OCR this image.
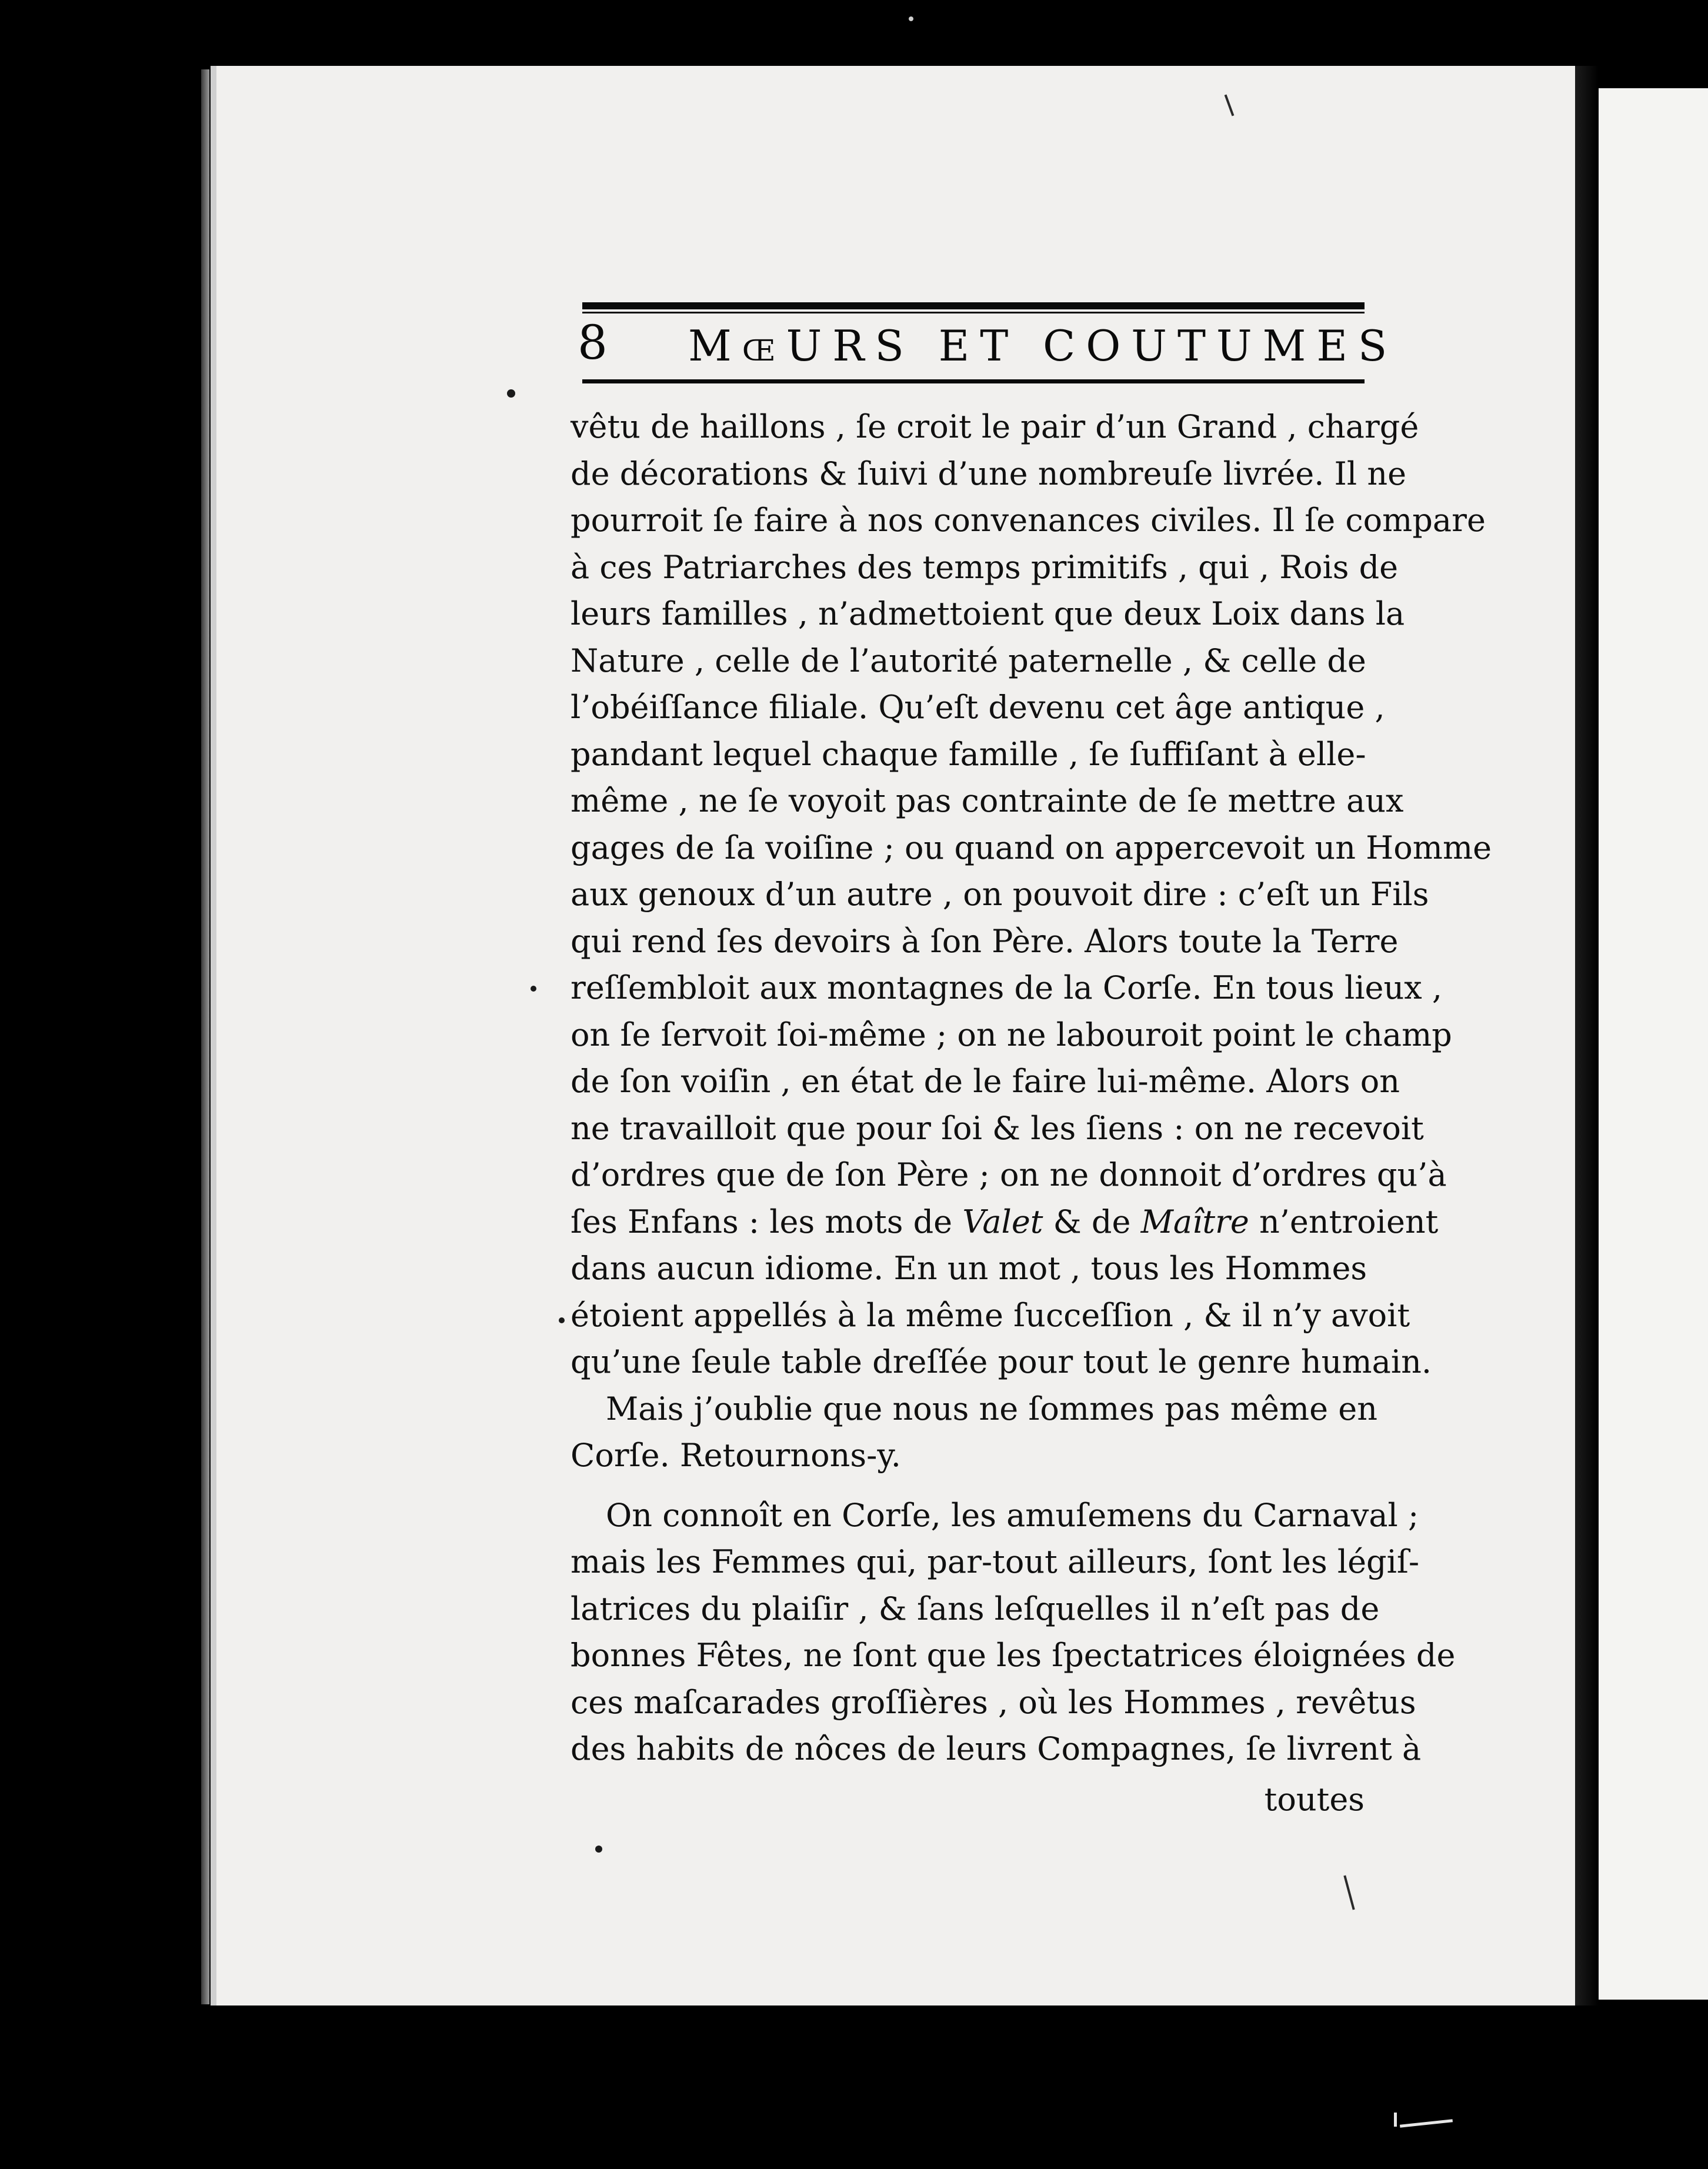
8 MœURS ET COUTUMES
vêtu de haillons , ſe croit le pair d’un Grand , chargé
de décorations & ſuivi d’une nombreuſe livrée. Il ne
pourroit ſe faire à nos convenances civiles. Il ſe compare
à ces Patriarches des temps primitifs , qui , Rois de
leurs familles , n’admettoient que deux Loix dans la
Nature , celle de l’autorité paternelle , & celle de
l’obéiſſance filiale. Qu’eſt devenu cet âge antique ,
pandant lequel chaque famille , ſe ſuffiſant à elle-
même , ne ſe voyoit pas contrainte de ſe mettre aux
gages de ſa voiſine ; ou quand on appercevoit un Homme
aux genoux d’un autre , on pouvoit dire : c’eſt un Fils
qui rend ſes devoirs à ſon Père. Alors toute la Terre
reſſembloit aux montagnes de la Corſe. En tous lieux ,
on ſe ſervoit ſoi-même ; on ne labouroit point le champ
de ſon voiſin , en état de le faire lui-même. Alors on
ne travailloit que pour ſoi & les ſiens : on ne recevoit
d’ordres que de ſon Père ; on ne donnoit d’ordres qu’à
ſes Enfans : les mots de Valet & de Maître n’entroient
dans aucun idiome. En un mot , tous les Hommes
étoient appellés à la même ſucceſſion , & il n’y avoit
qu’une ſeule table dreſſée pour tout le genre humain.
Mais j’oublie que nous ne ſommes pas même en
Corſe. Retournons-y.
On connoît en Corſe, les amuſemens du Carnaval ;
mais les Femmes qui, par-tout ailleurs, ſont les légiſ-
latrices du plaiſir , & ſans leſquelles il n’eſt pas de
bonnes Fêtes, ne ſont que les ſpectatrices éloignées de
ces maſcarades groſſières , où les Hommes , revêtus
des habits de nôces de leurs Compagnes, ſe livrent à
toutes
